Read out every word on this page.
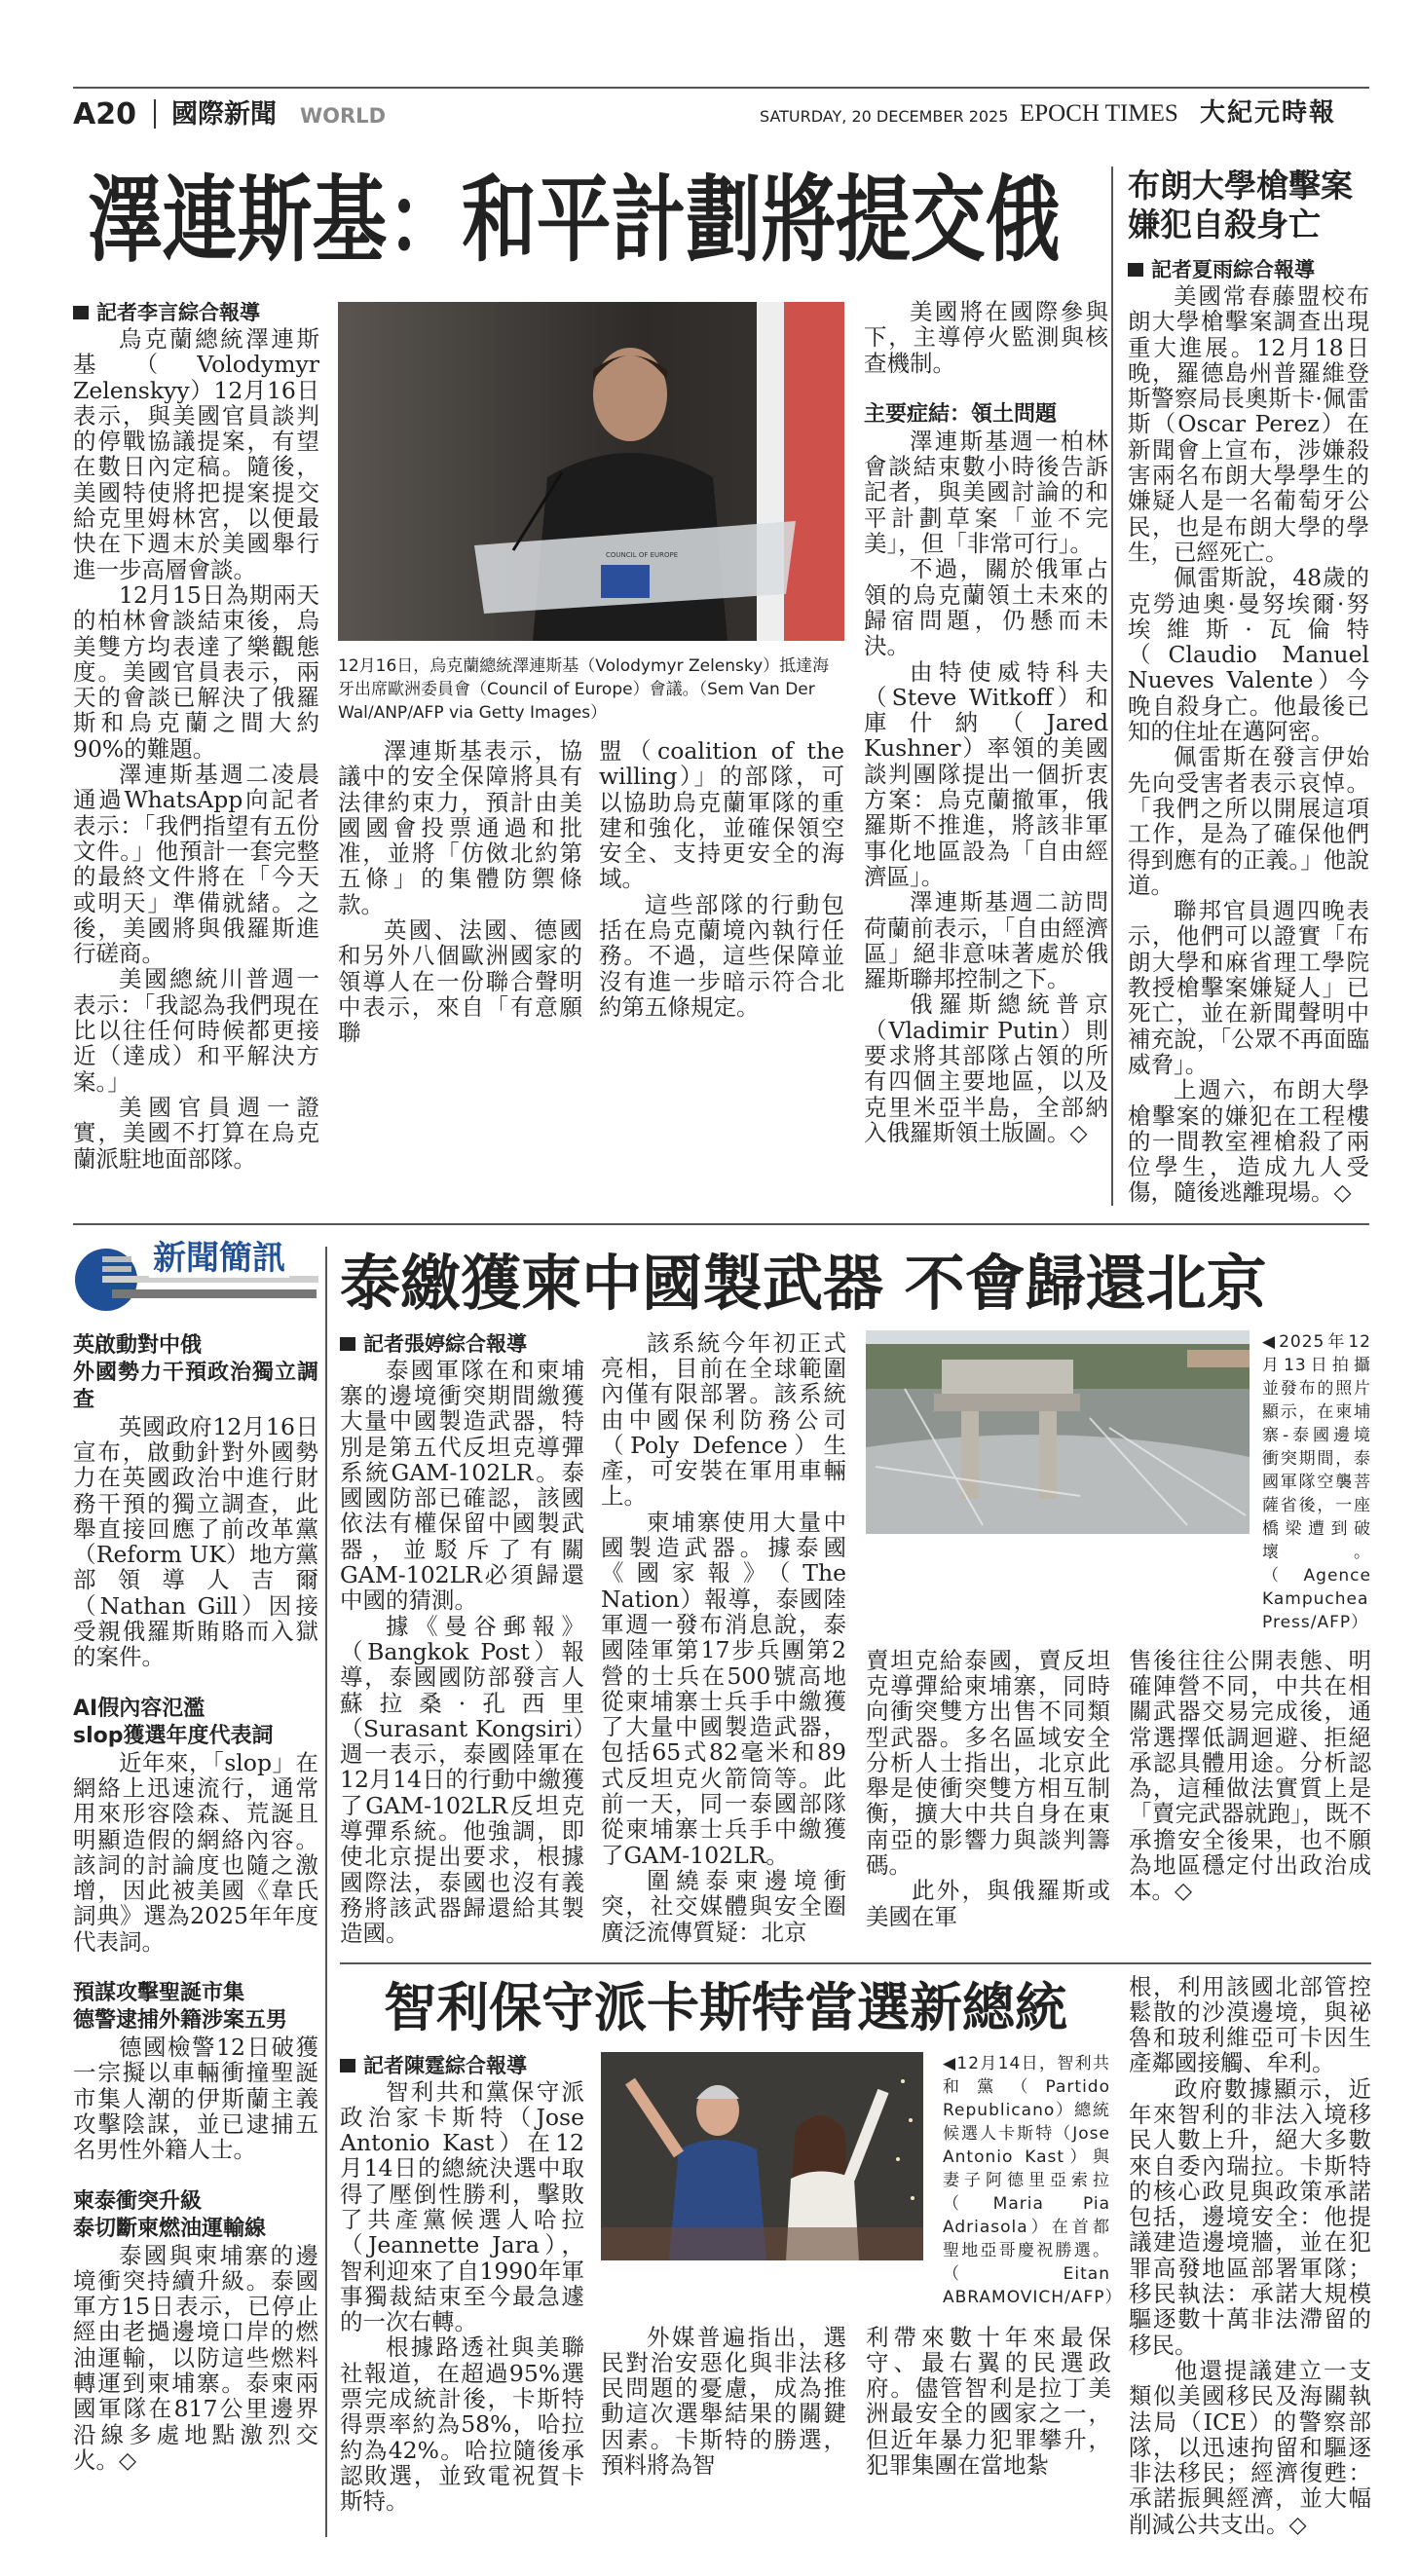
A20 國際新聞 WORLD	SATURDAY, 20 DECEMBER 2025 EPOCH TIMES 大紀元時報
澤連斯基：和平計劃將提交俄
記者李言綜合報導

烏克蘭總統澤連斯基（Volodymyr Zelenskyy）12月16日表示，與美國官員談判的停戰協議提案，有望在數日內定稿。隨後，美國特使將把提案提交給克里姆林宮，以便最快在下週末於美國舉行進一步高層會談。

12月15日為期兩天的柏林會談結束後，烏美雙方均表達了樂觀態度。美國官員表示，兩天的會談已解決了俄羅斯和烏克蘭之間大約90%的難題。

澤連斯基週二凌晨通過WhatsApp向記者表示：「我們指望有五份文件。」他預計一套完整的最終文件將在「今天或明天」準備就緒。之後，美國將與俄羅斯進行磋商。

美國總統川普週一表示：「我認為我們現在比以往任何時候都更接近（達成）和平解決方案。」

美國官員週一證實，美國不打算在烏克蘭派駐地面部隊。

COUNCIL OF EUROPE
12月16日，烏克蘭總統澤連斯基（Volodymyr Zelensky）抵達海牙出席歐洲委員會（Council of Europe）會議。（Sem Van Der Wal/ANP/AFP via Getty Images）

澤連斯基表示，協議中的安全保障將具有法律約束力，預計由美國國會投票通過和批准，並將「仿傚北約第五條」的集體防禦條款。

英國、法國、德國和另外八個歐洲國家的領導人在一份聯合聲明中表示，來自「有意願聯

盟（coalition of the willing）」的部隊，可以協助烏克蘭軍隊的重建和強化，並確保領空安全、支持更安全的海域。

這些部隊的行動包括在烏克蘭境內執行任務。不過，這些保障並沒有進一步暗示符合北約第五條規定。

美國將在國際參與下，主導停火監測與核查機制。

主要症結：領土問題

澤連斯基週一柏林會談結束數小時後告訴記者，與美國討論的和平計劃草案「並不完美」，但「非常可行」。

不過，關於俄軍占領的烏克蘭領土未來的歸宿問題，仍懸而未決。

由特使威特科夫（Steve Witkoff）和庫什納（Jared Kushner）率領的美國談判團隊提出一個折衷方案：烏克蘭撤軍，俄羅斯不推進，將該非軍事化地區設為「自由經濟區」。

澤連斯基週二訪問荷蘭前表示，「自由經濟區」絕非意味著處於俄羅斯聯邦控制之下。

俄羅斯總統普京（Vladimir Putin）則要求將其部隊占領的所有四個主要地區，以及克里米亞半島，全部納入俄羅斯領土版圖。◇

布朗大學槍擊案嫌犯自殺身亡
記者夏雨綜合報導

美國常春藤盟校布朗大學槍擊案調查出現重大進展。12月18日晚，羅德島州普羅維登斯警察局長奧斯卡·佩雷斯（Oscar Perez）在新聞會上宣布，涉嫌殺害兩名布朗大學學生的嫌疑人是一名葡萄牙公民，也是布朗大學的學生，已經死亡。

佩雷斯說，48歲的克勞迪奧·曼努埃爾·努埃維斯·瓦倫特（Claudio Manuel Nueves Valente）今晚自殺身亡。他最後已知的住址在邁阿密。

佩雷斯在發言伊始先向受害者表示哀悼。「我們之所以開展這項工作，是為了確保他們得到應有的正義。」他說道。

聯邦官員週四晚表示，他們可以證實「布朗大學和麻省理工學院教授槍擊案嫌疑人」已死亡，並在新聞聲明中補充說，「公眾不再面臨威脅」。

上週六，布朗大學槍擊案的嫌犯在工程樓的一間教室裡槍殺了兩位學生，造成九人受傷，隨後逃離現場。◇

新聞簡訊
英啟動對中俄
外國勢力干預政治獨立調查

英國政府12月16日宣布，啟動針對外國勢力在英國政治中進行財務干預的獨立調查，此舉直接回應了前改革黨（Reform UK）地方黨部領導人吉爾（Nathan Gill）因接受親俄羅斯賄賂而入獄的案件。

AI假內容氾濫
slop獲選年度代表詞

近年來，「slop」在網絡上迅速流行，通常用來形容陰森、荒誕且明顯造假的網絡內容。該詞的討論度也隨之激增，因此被美國《韋氏詞典》選為2025年年度代表詞。

預謀攻擊聖誕市集
德警逮捕外籍涉案五男

德國檢警12日破獲一宗擬以車輛衝撞聖誕市集人潮的伊斯蘭主義攻擊陰謀，並已逮捕五名男性外籍人士。

柬泰衝突升級
泰切斷柬燃油運輸線

泰國與柬埔寨的邊境衝突持續升級。泰國軍方15日表示，已停止經由老撾邊境口岸的燃油運輸，以防這些燃料轉運到柬埔寨。泰柬兩國軍隊在817公里邊界沿線多處地點激烈交火。◇

泰繳獲柬中國製武器 不會歸還北京
記者張婷綜合報導

泰國軍隊在和柬埔寨的邊境衝突期間繳獲大量中國製造武器，特別是第五代反坦克導彈系統GAM-102LR。泰國國防部已確認，該國依法有權保留中國製武器，並駁斥了有關GAM-102LR必須歸還中國的猜測。

據《曼谷郵報》（Bangkok Post）報導，泰國國防部發言人蘇拉桑·孔西里（Surasant Kongsiri）週一表示，泰國陸軍在12月14日的行動中繳獲了GAM-102LR反坦克導彈系統。他強調，即使北京提出要求，根據國際法，泰國也沒有義務將該武器歸還給其製造國。

該系統今年初正式亮相，目前在全球範圍內僅有限部署。該系統由中國保利防務公司（Poly Defence）生產，可安裝在軍用車輛上。

柬埔寨使用大量中國製造武器。據泰國《國家報》（The Nation）報導，泰國陸軍週一發布消息說，泰國陸軍第17步兵團第2營的士兵在500號高地從柬埔寨士兵手中繳獲了大量中國製造武器，包括65式82毫米和89式反坦克火箭筒等。此前一天，同一泰國部隊從柬埔寨士兵手中繳獲了GAM-102LR。

圍繞泰柬邊境衝突，社交媒體與安全圈廣泛流傳質疑：北京

◀2025年12月13日拍攝並發布的照片顯示，在柬埔寨-泰國邊境衝突期間，泰國軍隊空襲菩薩省後，一座橋梁遭到破壞。（Agence Kampuchea Press/AFP）

賣坦克給泰國，賣反坦克導彈給柬埔寨，同時向衝突雙方出售不同類型武器。多名區域安全分析人士指出，北京此舉是使衝突雙方相互制衡，擴大中共自身在東南亞的影響力與談判籌碼。

此外，與俄羅斯或美國在軍

售後往往公開表態、明確陣營不同，中共在相關武器交易完成後，通常選擇低調迴避、拒絕承認具體用途。分析認為，這種做法實質上是「賣完武器就跑」，既不承擔安全後果，也不願為地區穩定付出政治成本。◇

智利保守派卡斯特當選新總統
記者陳霆綜合報導

智利共和黨保守派政治家卡斯特（Jose Antonio Kast）在12月14日的總統決選中取得了壓倒性勝利，擊敗了共產黨候選人哈拉（Jeannette Jara），智利迎來了自1990年軍事獨裁結束至今最急遽的一次右轉。

根據路透社與美聯社報道，在超過95%選票完成統計後，卡斯特得票率約為58%，哈拉約為42%。哈拉隨後承認敗選，並致電祝賀卡斯特。

◀12月14日，智利共和黨（Partido Republicano）總統候選人卡斯特（Jose Antonio Kast）與妻子阿德里亞索拉（Maria Pia Adriasola）在首都聖地亞哥慶祝勝選。（Eitan ABRAMOVICH/AFP）

外媒普遍指出，選民對治安惡化與非法移民問題的憂慮，成為推動這次選舉結果的關鍵因素。卡斯特的勝選，預料將為智

利帶來數十年來最保守、最右翼的民選政府。儘管智利是拉丁美洲最安全的國家之一，但近年暴力犯罪攀升，犯罪集團在當地紮

根，利用該國北部管控鬆散的沙漠邊境，與祕魯和玻利維亞可卡因生產鄰國接觸、牟利。

政府數據顯示，近年來智利的非法入境移民人數上升，絕大多數來自委內瑞拉。卡斯特的核心政見與政策承諾包括，邊境安全：他提議建造邊境牆，並在犯罪高發地區部署軍隊；移民執法：承諾大規模驅逐數十萬非法滯留的移民。

他還提議建立一支類似美國移民及海關執法局（ICE）的警察部隊，以迅速拘留和驅逐非法移民；經濟復甦：承諾振興經濟，並大幅削減公共支出。◇
